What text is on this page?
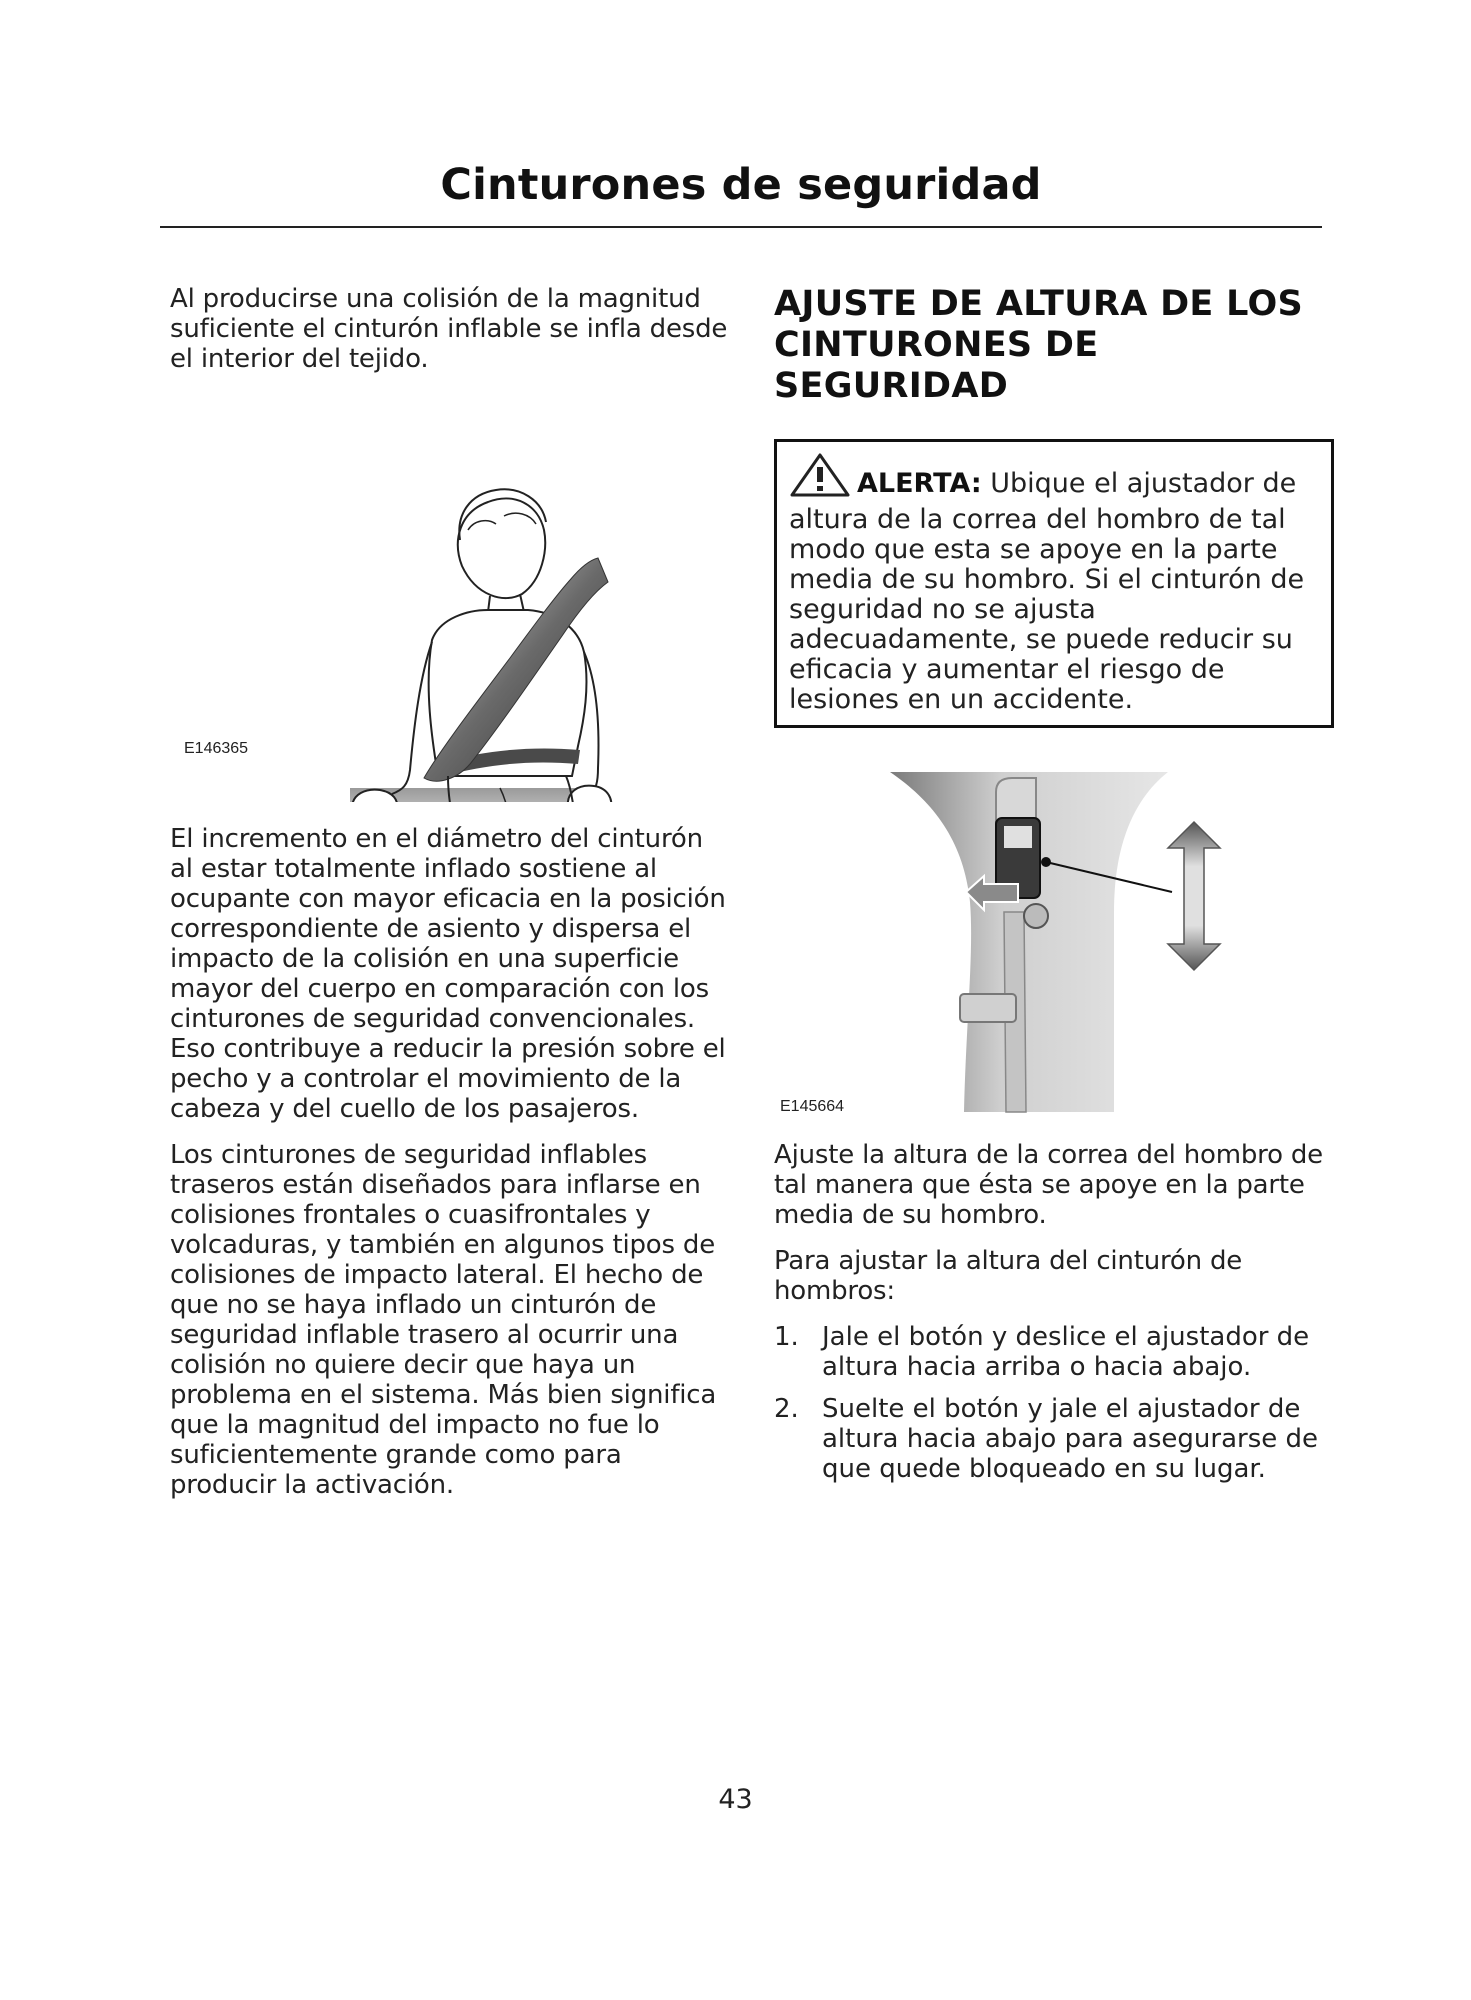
Cinturones de seguridad

Al producirse una colisión de la magnitud suficiente el cinturón inflable se infla desde el interior del tejido.

E146365

El incremento en el diámetro del cinturón al estar totalmente inflado sostiene al ocupante con mayor eficacia en la posición correspondiente de asiento y dispersa el impacto de la colisión en una superficie mayor del cuerpo en comparación con los cinturones de seguridad convencionales. Eso contribuye a reducir la presión sobre el pecho y a controlar el movimiento de la cabeza y del cuello de los pasajeros.

Los cinturones de seguridad inflables traseros están diseñados para inflarse en colisiones frontales o cuasifrontales y volcaduras, y también en algunos tipos de colisiones de impacto lateral. El hecho de que no se haya inflado un cinturón de seguridad inflable trasero al ocurrir una colisión no quiere decir que haya un problema en el sistema. Más bien significa que la magnitud del impacto no fue lo suficientemente grande como para producir la activación.

AJUSTE DE ALTURA DE LOS CINTURONES DE SEGURIDAD
ALERTA: Ubique el ajustador de altura de la correa del hombro de tal modo que esta se apoye en la parte media de su hombro. Si el cinturón de seguridad no se ajusta adecuadamente, se puede reducir su eficacia y aumentar el riesgo de lesiones en un accidente.
E145664

Ajuste la altura de la correa del hombro de tal manera que ésta se apoye en la parte media de su hombro.

Para ajustar la altura del cinturón de hombros:

1. Jale el botón y deslice el ajustador de altura hacia arriba o hacia abajo.
2. Suelte el botón y jale el ajustador de altura hacia abajo para asegurarse de que quede bloqueado en su lugar.
43
